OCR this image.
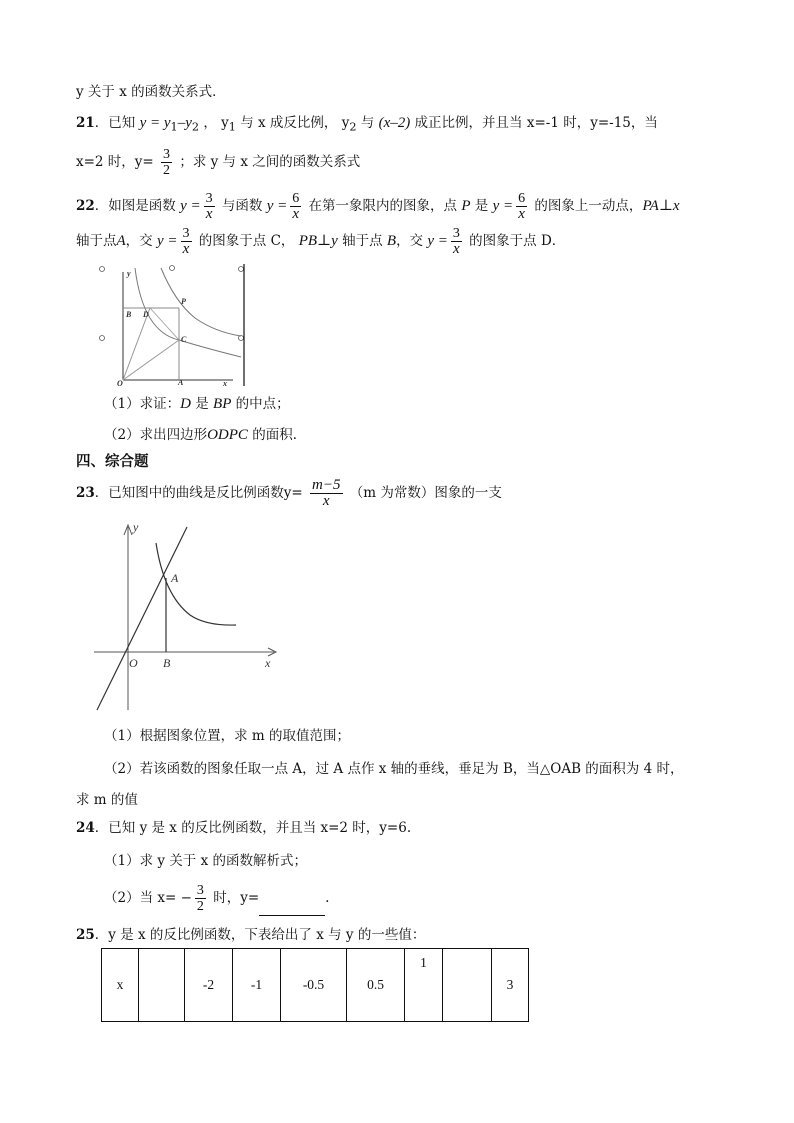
y 关于 x 的函数关系式．
21．已知 $y = y_1-y_2$ ， $y_1$ 与 x 成反比例， $y_2$ 与 (x–2) 成正比例，并且当 x=-1 时，y=-15，当
x=2 时，$y= \frac{3}{2}$ ；求 y 与 x 之间的函数关系式
22．如图是函数 $y = \frac{3}{x}$ 与函数 $y = \frac{6}{x}$ 在第一象限内的图象，点 P 是 $y = \frac{6}{x}$ 的图象上一动点，PA⊥x
轴于点A，交 $y = \frac{3}{x}$ 的图象于点 C， PB⊥y 轴于点 B，交 $y = \frac{3}{x}$ 的图象于点 D．
y
B D
P
C
O	A	x
（1）求证：D 是 BP 的中点；
（2）求出四边形ODPC 的面积．
四、综合题
23．已知图中的曲线是反比例函数$y= \frac{m-5}{x} (m$ 为常数）图象的一支
y
A
O B	x
（1）根据图象位置，求 m 的取值范围；
（2）若该函数的图象任取一点 A，过 A 点作 x 轴的垂线，垂足为 B，当△OAB 的面积为 4 时，
求 m 的值
24．已知 y 是 x 的反比例函数，并且当 x=2 时，y=6.
（1）求 y 关于 x 的函数解析式；
（2）当 $x= - \frac{3}{2}$ 时，y=	.
25．y 是 x 的反比例函数，下表给出了 x 与 y 的一些值：
x		-2	-1	-0.5	0.5	1		3
